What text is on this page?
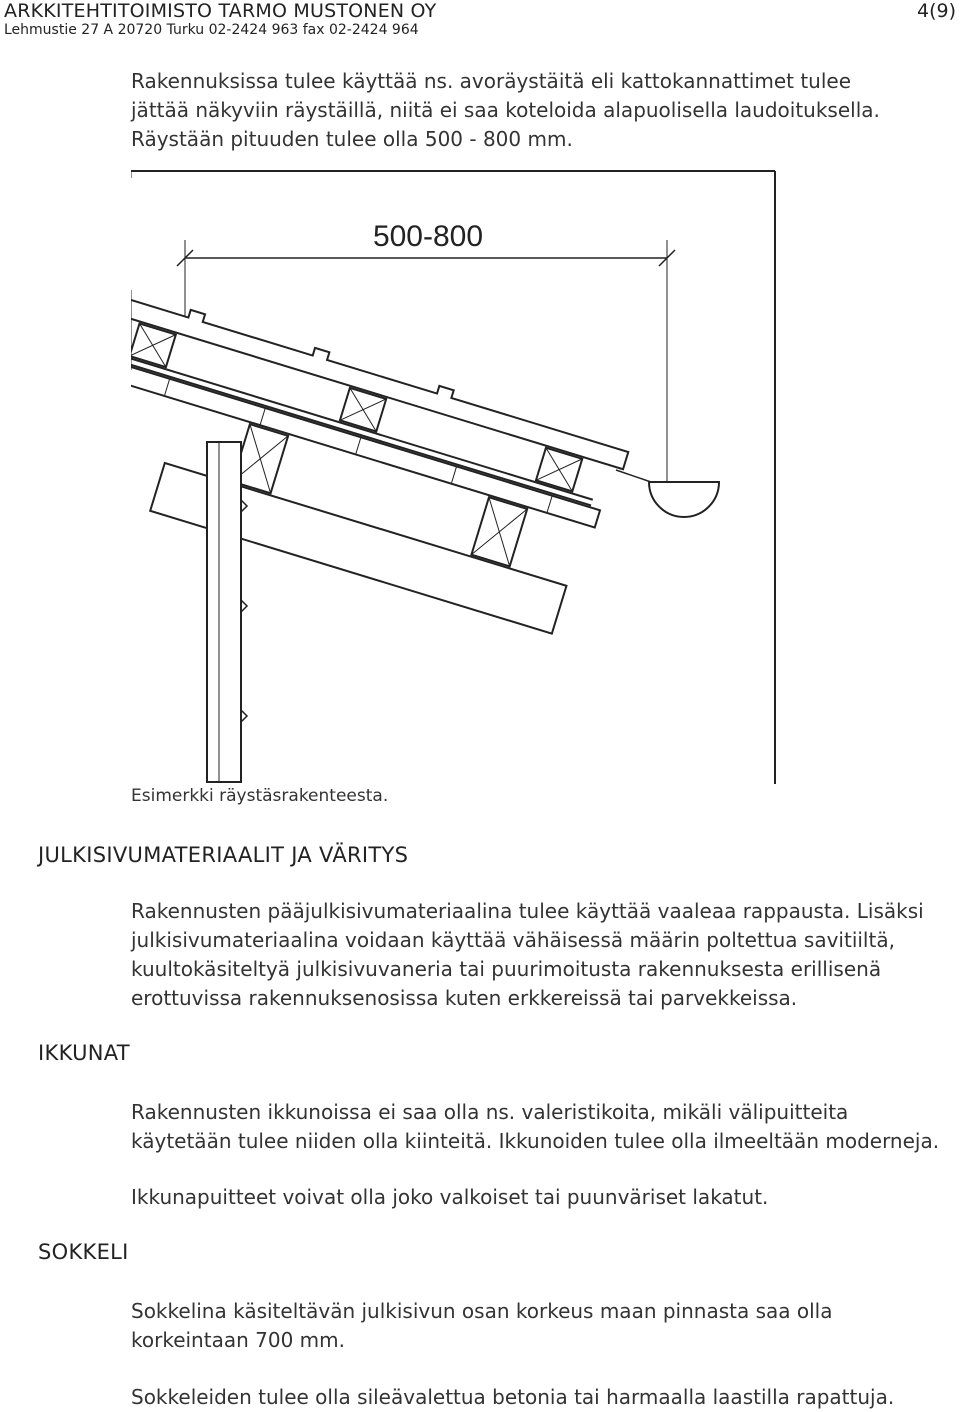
ARKKITEHTITOIMISTO TARMO MUSTONEN OY
Lehmustie 27 A 20720 Turku 02-2424 963 fax 02-2424 964
4(9)

Rakennuksissa tulee käyttää ns. avoräystäitä eli kattokannattimet tulee jättää näkyviin räystäillä, niitä ei saa koteloida alapuolisella laudoituksella. Räystään pituuden tulee olla 500 - 800 mm.

500-800
Esimerkki räystäsrakenteesta.
JULKISIVUMATERIAALIT JA VÄRITYS

Rakennusten pääjulkisivumateriaalina tulee käyttää vaaleaa rappausta. Lisäksi julkisivumateriaalina voidaan käyttää vähäisessä määrin poltettua savitiiltä, kuultokäsiteltyä julkisivuvaneria tai puurimoitusta rakennuksesta erillisenä erottuvissa rakennuksenosissa kuten erkkereissä tai parvekkeissa.

IKKUNAT

Rakennusten ikkunoissa ei saa olla ns. valeristikoita, mikäli välipuitteita käytetään tulee niiden olla kiinteitä. Ikkunoiden tulee olla ilmeeltään moderneja.

Ikkunapuitteet voivat olla joko valkoiset tai puunväriset lakatut.

SOKKELI

Sokkelina käsiteltävän julkisivun osan korkeus maan pinnasta saa olla korkeintaan 700 mm.

Sokkeleiden tulee olla sileävalettua betonia tai harmaalla laastilla rapattuja.
